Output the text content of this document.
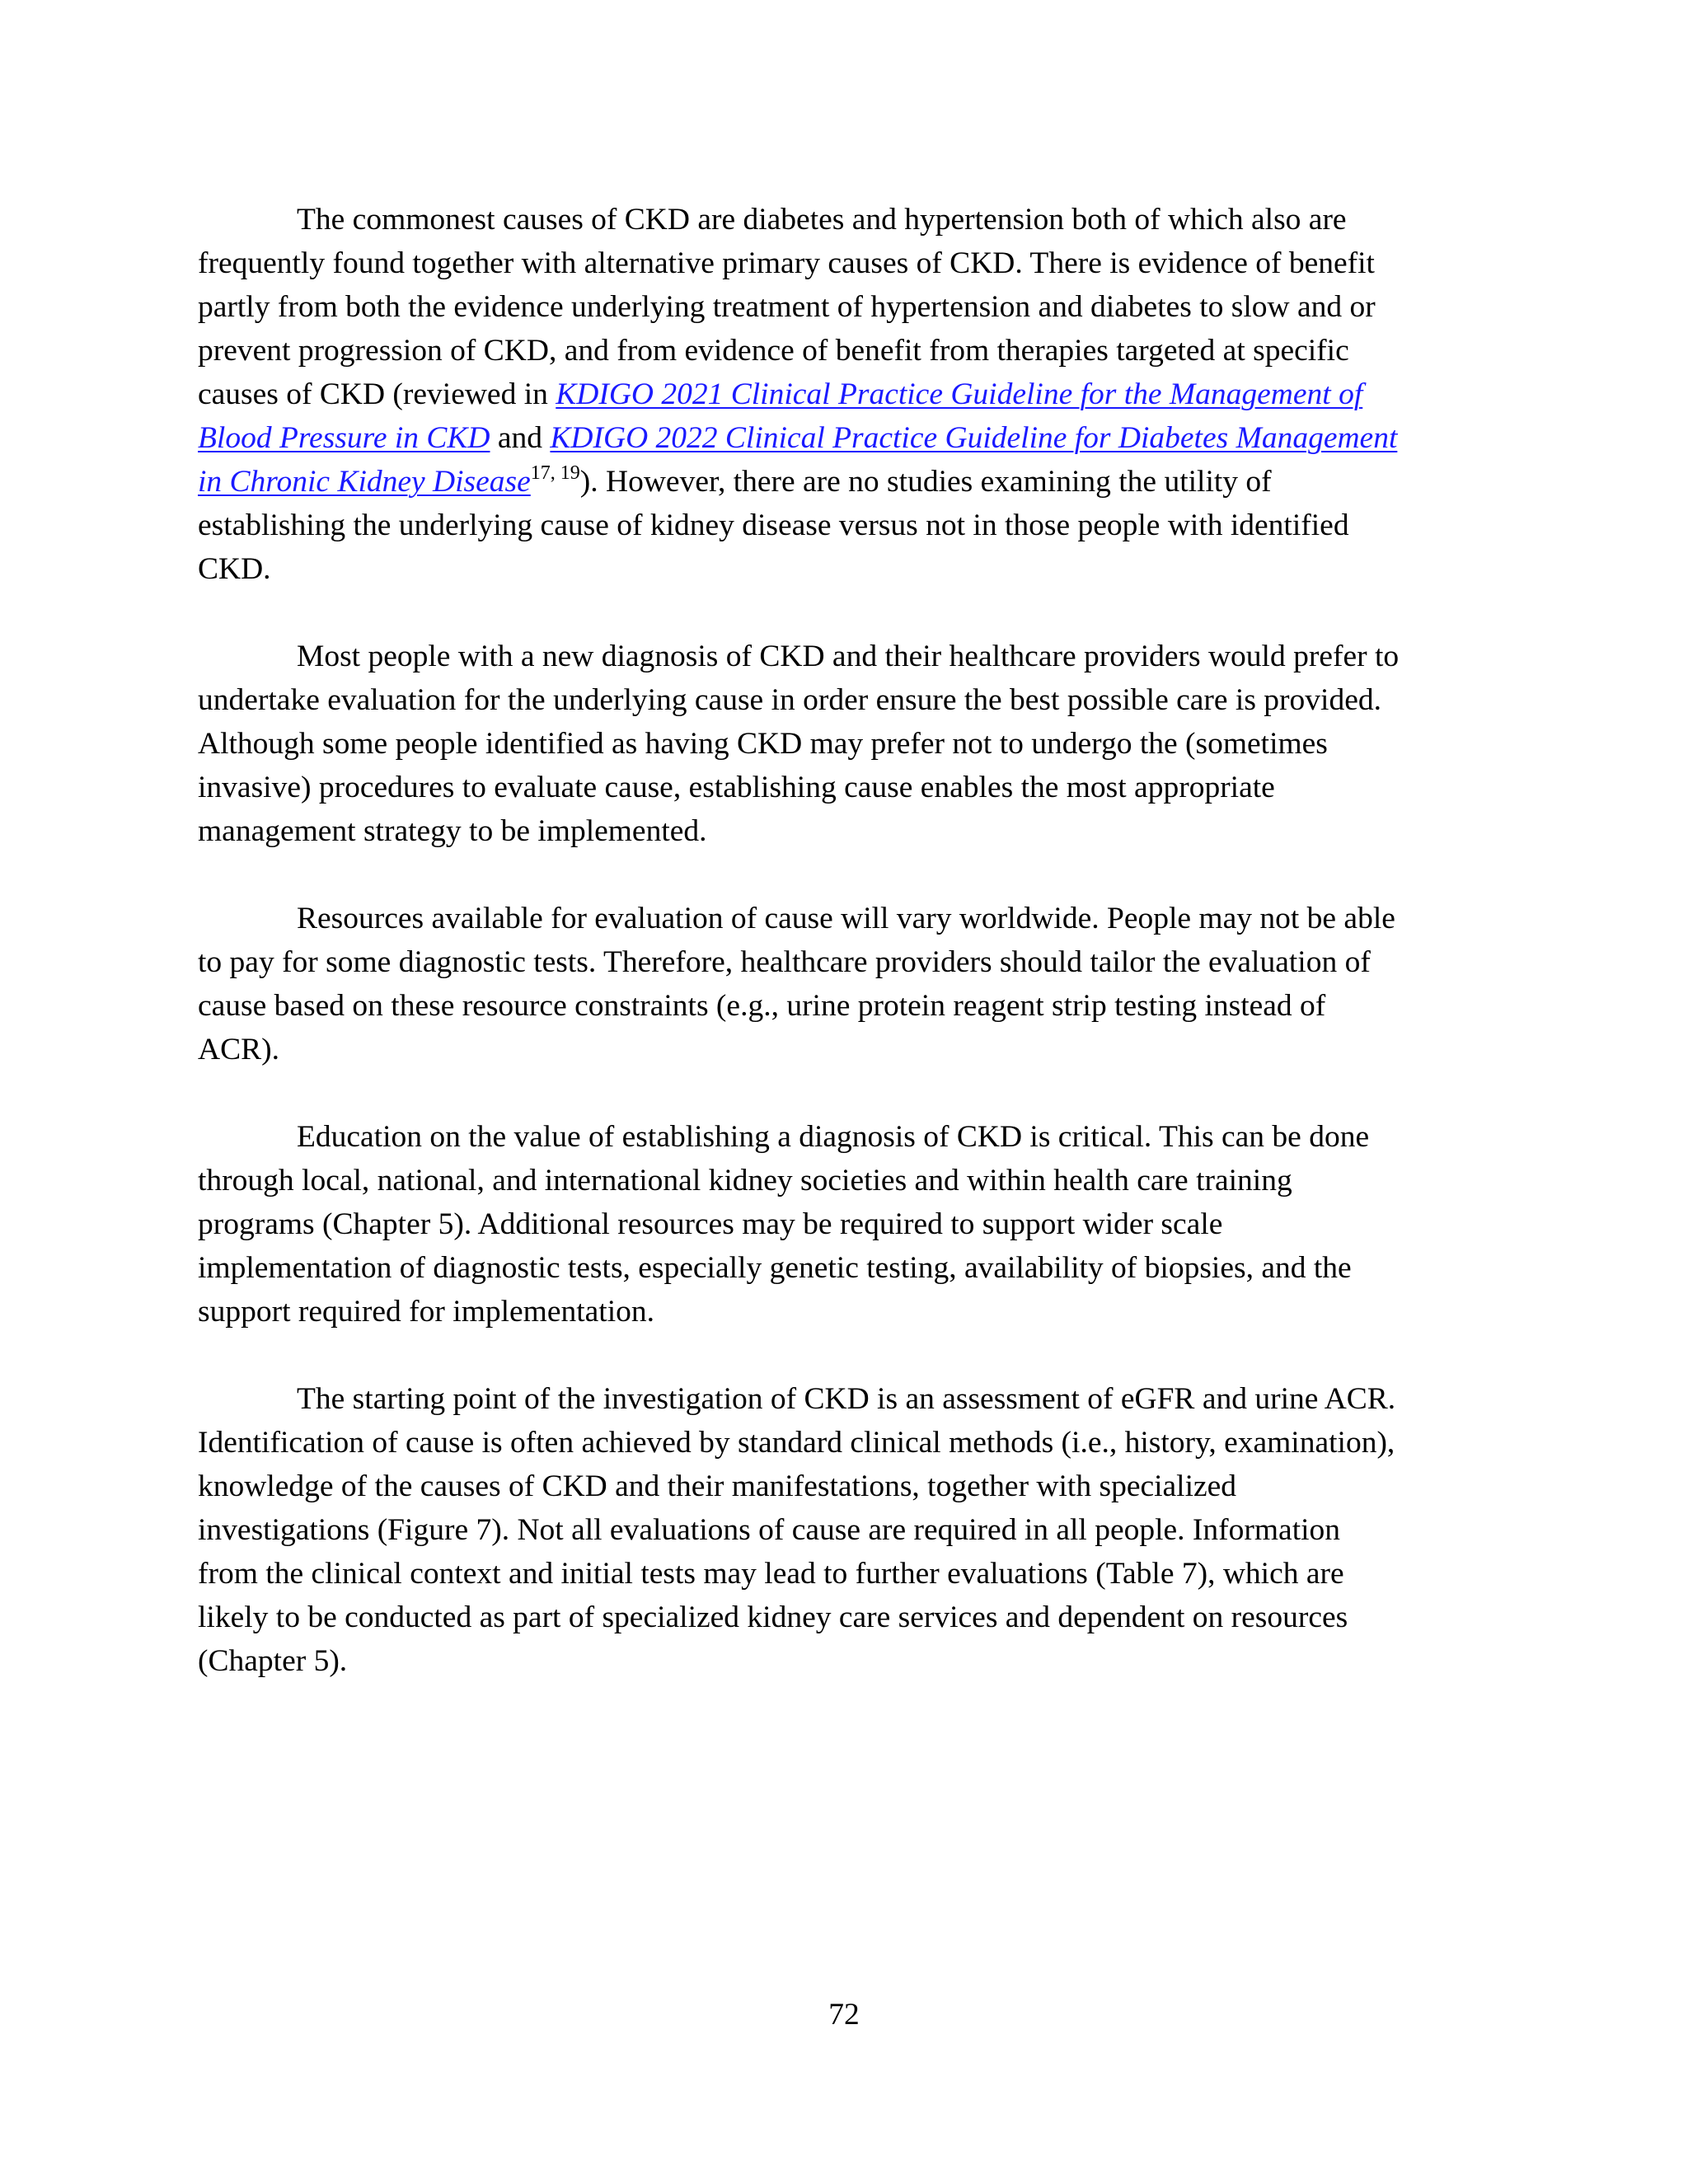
The commonest causes of CKD are diabetes and hypertension both of which also are
frequently found together with alternative primary causes of CKD. There is evidence of benefit
partly from both the evidence underlying treatment of hypertension and diabetes to slow and or
prevent progression of CKD, and from evidence of benefit from therapies targeted at specific
causes of CKD (reviewed in KDIGO 2021 Clinical Practice Guideline for the Management of
Blood Pressure in CKD and KDIGO 2022 Clinical Practice Guideline for Diabetes Management
in Chronic Kidney Disease$^{17, 19}$). However, there are no studies examining the utility of
establishing the underlying cause of kidney disease versus not in those people with identified
CKD.

Most people with a new diagnosis of CKD and their healthcare providers would prefer to
undertake evaluation for the underlying cause in order ensure the best possible care is provided.
Although some people identified as having CKD may prefer not to undergo the (sometimes
invasive) procedures to evaluate cause, establishing cause enables the most appropriate
management strategy to be implemented.

Resources available for evaluation of cause will vary worldwide. People may not be able
to pay for some diagnostic tests. Therefore, healthcare providers should tailor the evaluation of
cause based on these resource constraints (e.g., urine protein reagent strip testing instead of
ACR).

Education on the value of establishing a diagnosis of CKD is critical. This can be done
through local, national, and international kidney societies and within health care training
programs (Chapter 5). Additional resources may be required to support wider scale
implementation of diagnostic tests, especially genetic testing, availability of biopsies, and the
support required for implementation.

The starting point of the investigation of CKD is an assessment of eGFR and urine ACR.
Identification of cause is often achieved by standard clinical methods (i.e., history, examination),
knowledge of the causes of CKD and their manifestations, together with specialized
investigations (Figure 7). Not all evaluations of cause are required in all people. Information
from the clinical context and initial tests may lead to further evaluations (Table 7), which are
likely to be conducted as part of specialized kidney care services and dependent on resources
(Chapter 5).

72
